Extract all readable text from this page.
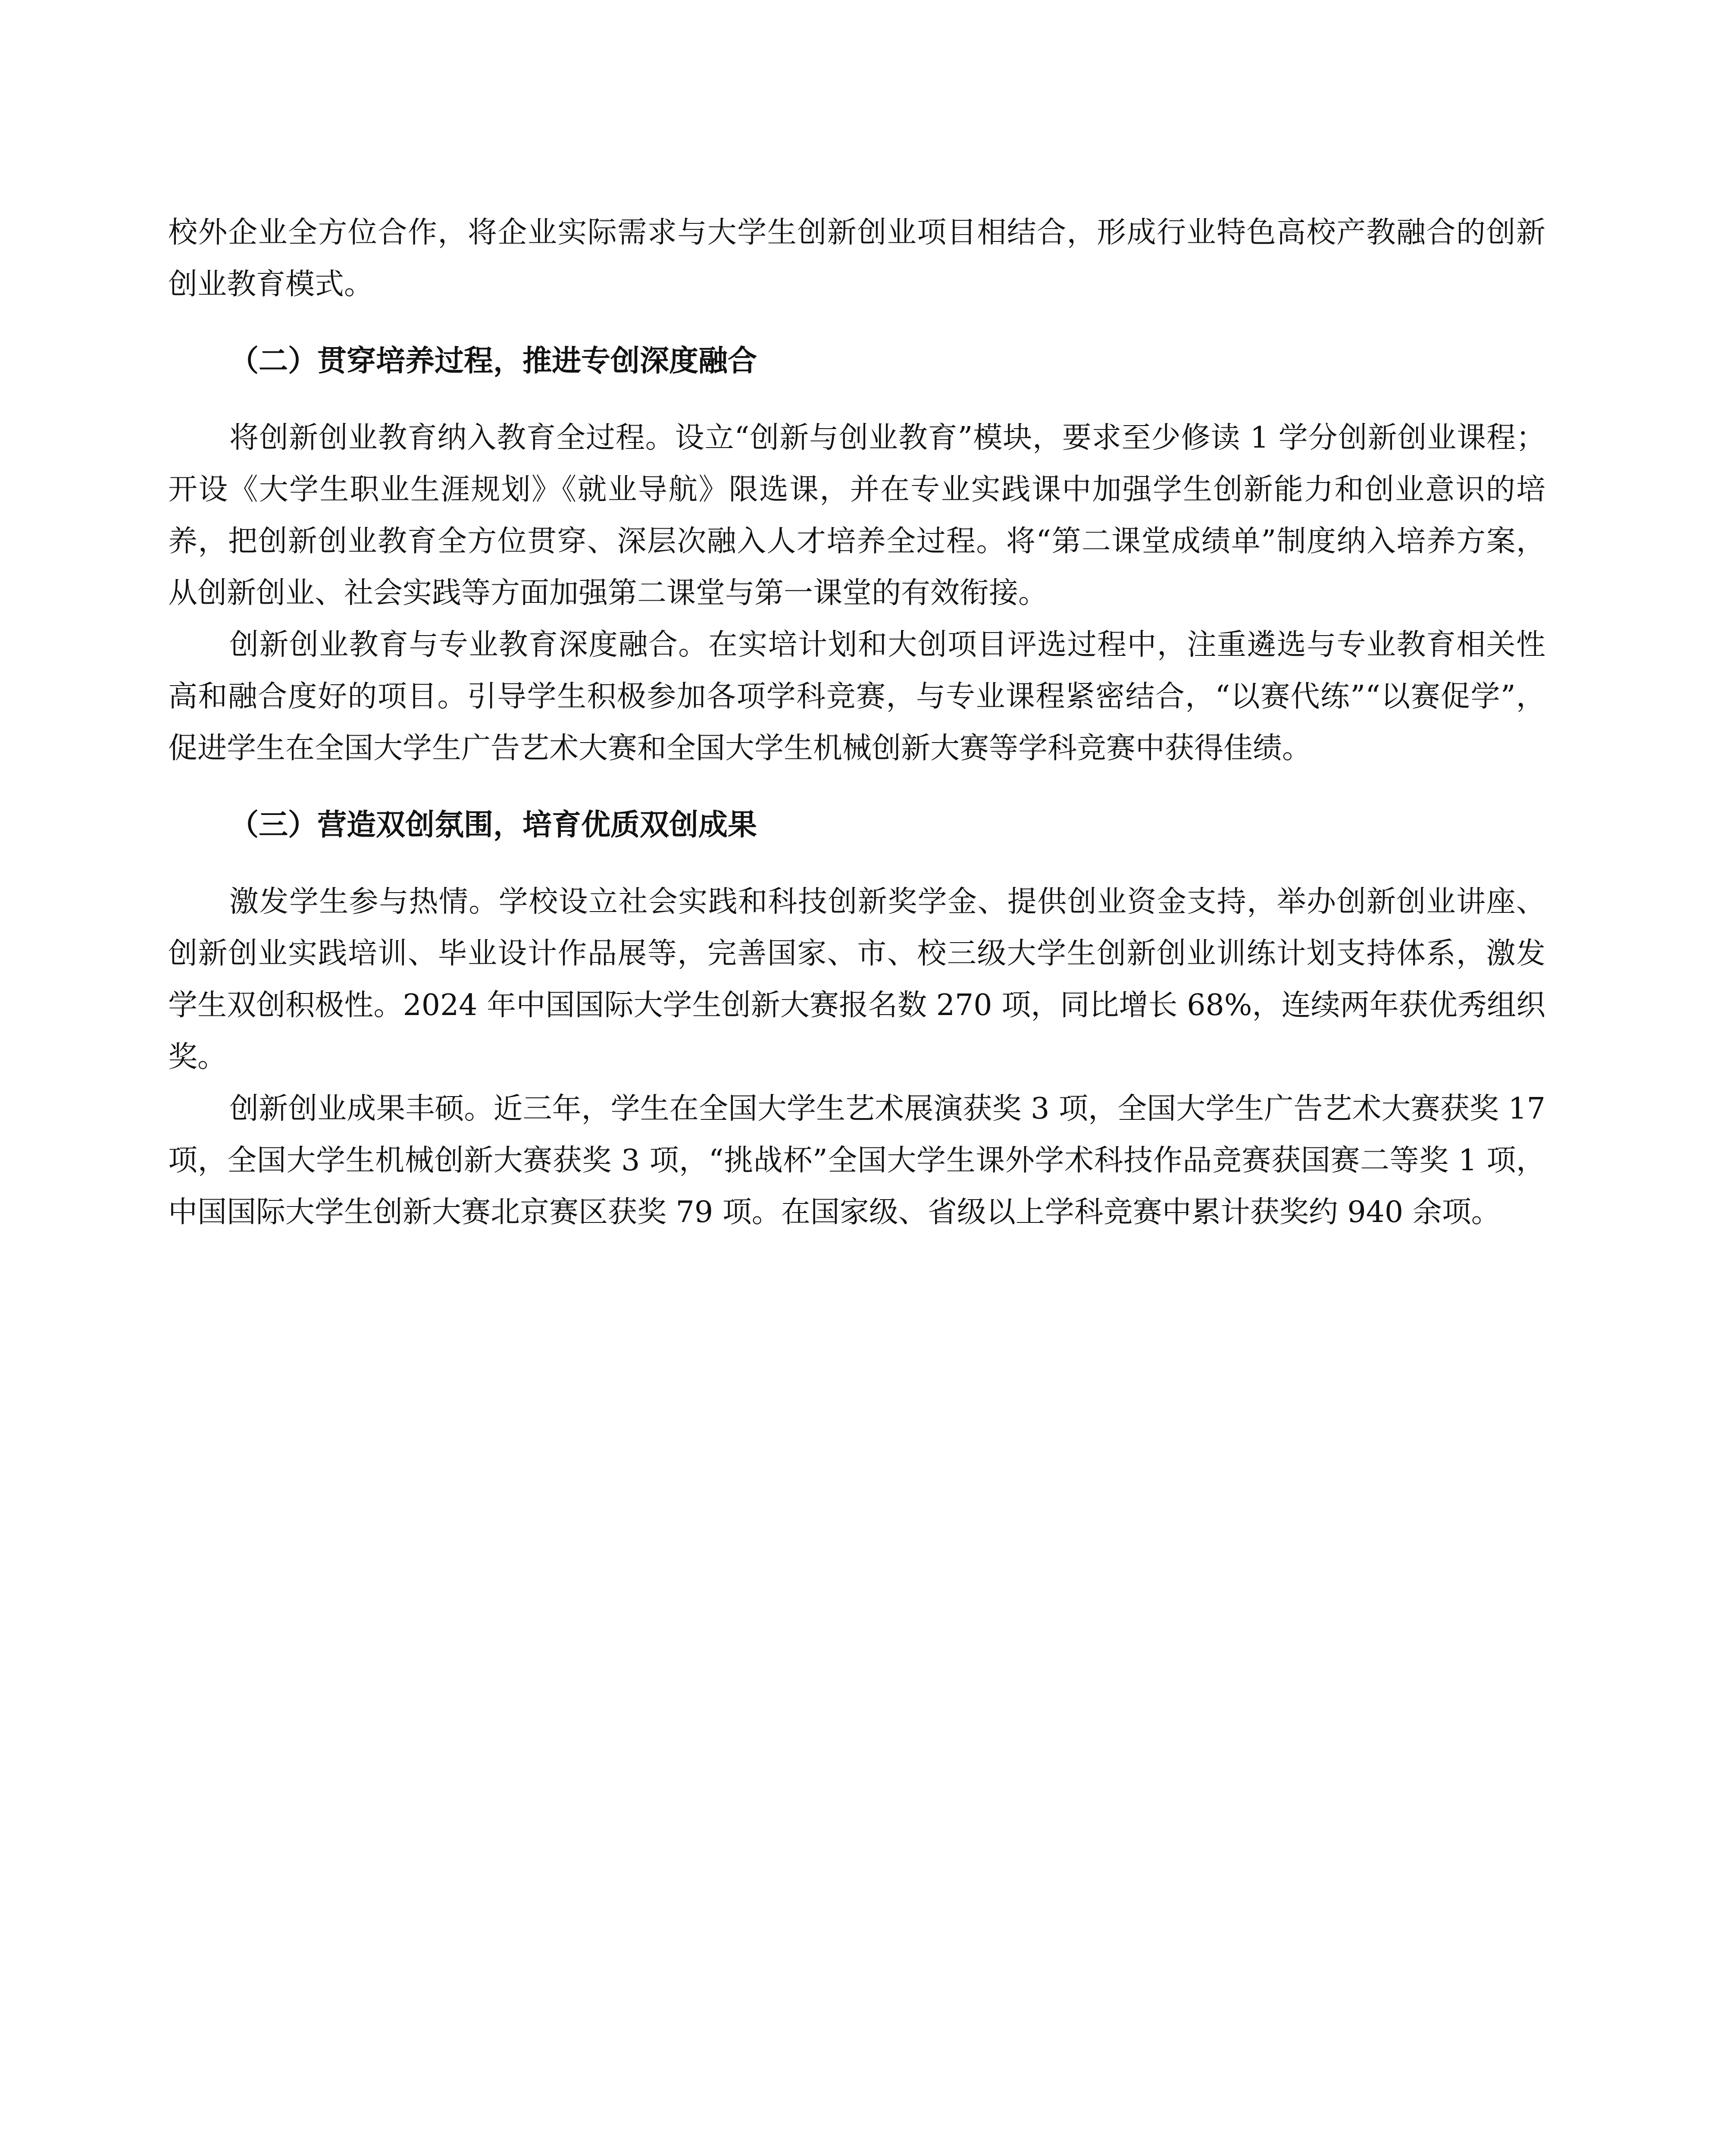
校外企业全方位合作，将企业实际需求与大学生创新创业项目相结合，形成行业特色高校产教融合的创新创业教育模式。

（二）贯穿培养过程，推进专创深度融合

将创新创业教育纳入教育全过程。设立“创新与创业教育”模块，要求至少修读 1 学分创新创业课程；开设《大学生职业生涯规划》《就业导航》限选课，并在专业实践课中加强学生创新能力和创业意识的培养，把创新创业教育全方位贯穿、深层次融入人才培养全过程。将“第二课堂成绩单”制度纳入培养方案，从创新创业、社会实践等方面加强第二课堂与第一课堂的有效衔接。

创新创业教育与专业教育深度融合。在实培计划和大创项目评选过程中，注重遴选与专业教育相关性高和融合度好的项目。引导学生积极参加各项学科竞赛，与专业课程紧密结合，“以赛代练”“以赛促学”，促进学生在全国大学生广告艺术大赛和全国大学生机械创新大赛等学科竞赛中获得佳绩。

（三）营造双创氛围，培育优质双创成果

激发学生参与热情。学校设立社会实践和科技创新奖学金、提供创业资金支持，举办创新创业讲座、创新创业实践培训、毕业设计作品展等，完善国家、市、校三级大学生创新创业训练计划支持体系，激发学生双创积极性。2024 年中国国际大学生创新大赛报名数 270 项，同比增长 68%，连续两年获优秀组织奖。

创新创业成果丰硕。近三年，学生在全国大学生艺术展演获奖 3 项，全国大学生广告艺术大赛获奖 17 项，全国大学生机械创新大赛获奖 3 项，“挑战杯”全国大学生课外学术科技作品竞赛获国赛二等奖 1 项，中国国际大学生创新大赛北京赛区获奖 79 项。在国家级、省级以上学科竞赛中累计获奖约 940 余项。
